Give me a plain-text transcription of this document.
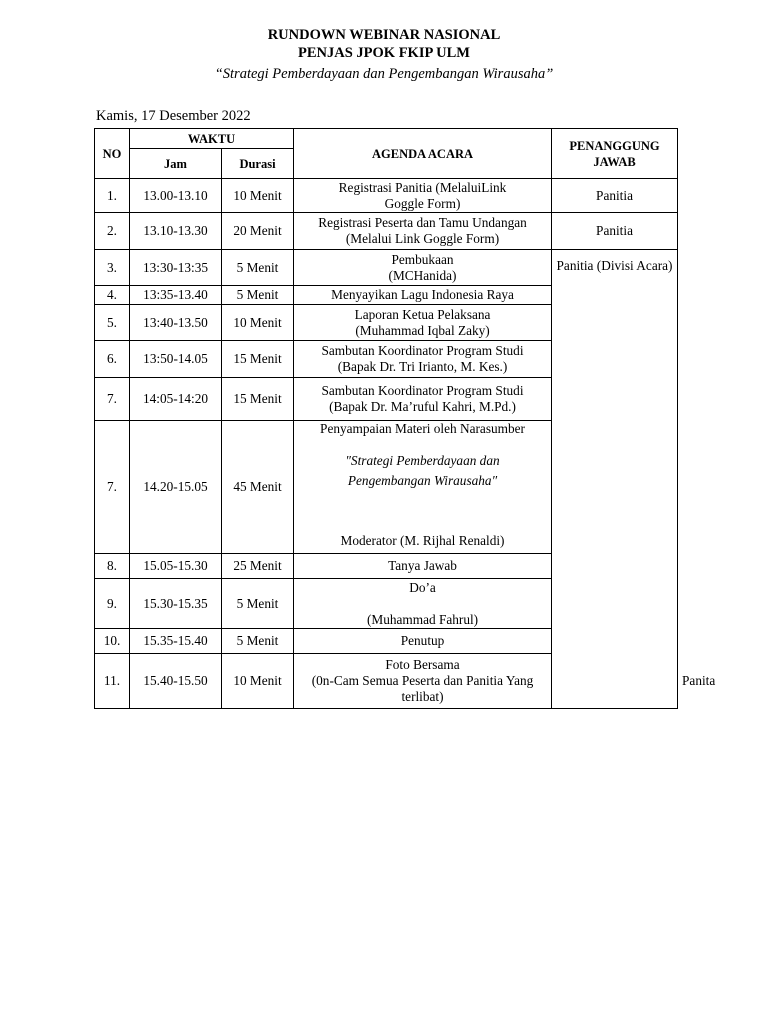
RUNDOWN WEBINAR NASIONAL
PENJAS JPOK FKIP ULM
“Strategi Pemberdayaan dan Pengembangan Wirausaha”
Kamis, 17 Desember 2022
NO	WAKTU		AGENDA ACARA	PENANGGUNG
JAWAB	

	Jam	Durasi			
1.	13.00-13.10	10 Menit	Registrasi Panitia (MelaluiLink
Goggle Form)	Panitia	
2.	13.10-13.30	20 Menit	Registrasi Peserta dan Tamu Undangan
(Melalui Link Goggle Form)	Panitia	
3.	13:30-13:35	5 Menit	Pembukaan
(MCHanida)	Panitia (Divisi Acara)	
4.	13:35-13.40	5 Menit	Menyayikan Lagu Indonesia Raya		
5.	13:40-13.50	10 Menit	Laporan Ketua Pelaksana
(Muhammad Iqbal Zaky)		

6.	13:50-14.05	15 Menit	Sambutan Koordinator Program Studi
(Bapak Dr. Tri Irianto, M. Kes.)		

7.	14:05-14:20	15 Menit	Sambutan Koordinator Program Studi
(Bapak Dr. Ma’ruful Kahri, M.Pd.)		

7.	14.20-15.05	45 Menit	Penyampaian Materi oleh Narasumber
″Strategi Pemberdayaan dan
Pengembangan Wirausaha″
Moderator (M. Rijhal Renaldi)		

8.	15.05-15.30	25 Menit	Tanya Jawab		
9.	15.30-15.35	5 Menit	Do’a
(Muhammad Fahrul)		

10.	15.35-15.40	5 Menit	Penutup		
11.	15.40-15.50	10 Menit	Foto Bersama
(0n-Cam Semua Peserta dan Panitia Yang
terlibat)		Panita
